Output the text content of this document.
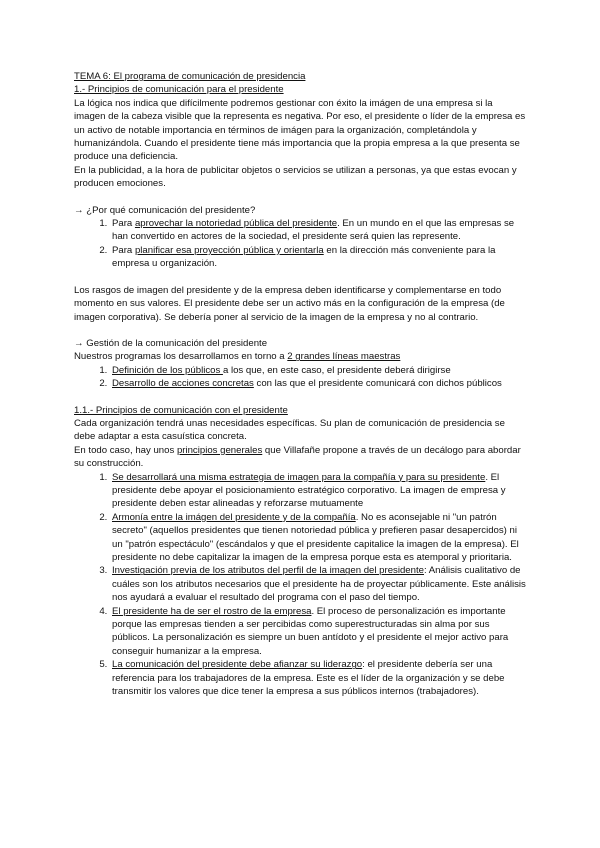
TEMA 6: El programa de comunicación de presidencia

1.- Principios de comunicación para el presidente

La lógica nos indica que difícilmente podremos gestionar con éxito la imágen de una empresa si la imagen de la cabeza visible que la representa es negativa. Por eso, el presidente o líder de la empresa es un activo de notable importancia en términos de imágen para la organización, completándola y humanizándola. Cuando el presidente tiene más importancia que la propia empresa a la que presenta se produce una deficiencia.

En la publicidad, a la hora de publicitar objetos o servicios se utilizan a personas, ya que estas evocan y producen emociones.

→ ¿Por qué comunicación del presidente?

1. Para aprovechar la notoriedad pública del presidente. En un mundo en el que las empresas se han convertido en actores de la sociedad, el presidente será quien las represente.
2. Para planificar esa proyección pública y orientarla en la dirección más conveniente para la empresa u organización.

Los rasgos de imagen del presidente y de la empresa deben identificarse y complementarse en todo momento en sus valores. El presidente debe ser un activo más en la configuración de la empresa (de imagen corporativa). Se debería poner al servicio de la imagen de la empresa y no al contrario.

→ Gestión de la comunicación del presidente

Nuestros programas los desarrollamos en torno a 2 grandes líneas maestras

1. Definición de los públicos a los que, en este caso, el presidente deberá dirigirse
2. Desarrollo de acciones concretas con las que el presidente comunicará con dichos públicos

1.1.- Principios de comunicación con el presidente

Cada organización tendrá unas necesidades específicas. Su plan de comunicación de presidencia se debe adaptar a esta casuística concreta.

En todo caso, hay unos principios generales que Villafañe propone a través de un decálogo para abordar su construcción.

1. Se desarrollará una misma estrategia de imagen para la compañía y para su presidente. El presidente debe apoyar el posicionamiento estratégico corporativo. La imagen de empresa y presidente deben estar alineadas y reforzarse mutuamente
2. Armonía entre la imágen del presidente y de la compañía. No es aconsejable ni "un patrón secreto" (aquellos presidentes que tienen notoriedad pública y prefieren pasar desapercidos) ni un "patrón espectáculo" (escándalos y que el presidente capitalice la imagen de la empresa). El presidente no debe capitalizar la imagen de la empresa porque esta es atemporal y prioritaria.
3. Investigación previa de los atributos del perfil de la imagen del presidente: Análisis cualitativo de cuáles son los atributos necesarios que el presidente ha de proyectar públicamente. Este análisis nos ayudará a evaluar el resultado del programa con el paso del tiempo.
4. El presidente ha de ser el rostro de la empresa. El proceso de personalización es importante porque las empresas tienden a ser percibidas como superestructuradas sin alma por sus públicos. La personalización es siempre un buen antídoto y el presidente el mejor activo para conseguir humanizar a la empresa.
5. La comunicación del presidente debe afianzar su liderazgo: el presidente debería ser una referencia para los trabajadores de la empresa. Este es el líder de la organización y se debe transmitir los valores que dice tener la empresa a sus públicos internos (trabajadores).
